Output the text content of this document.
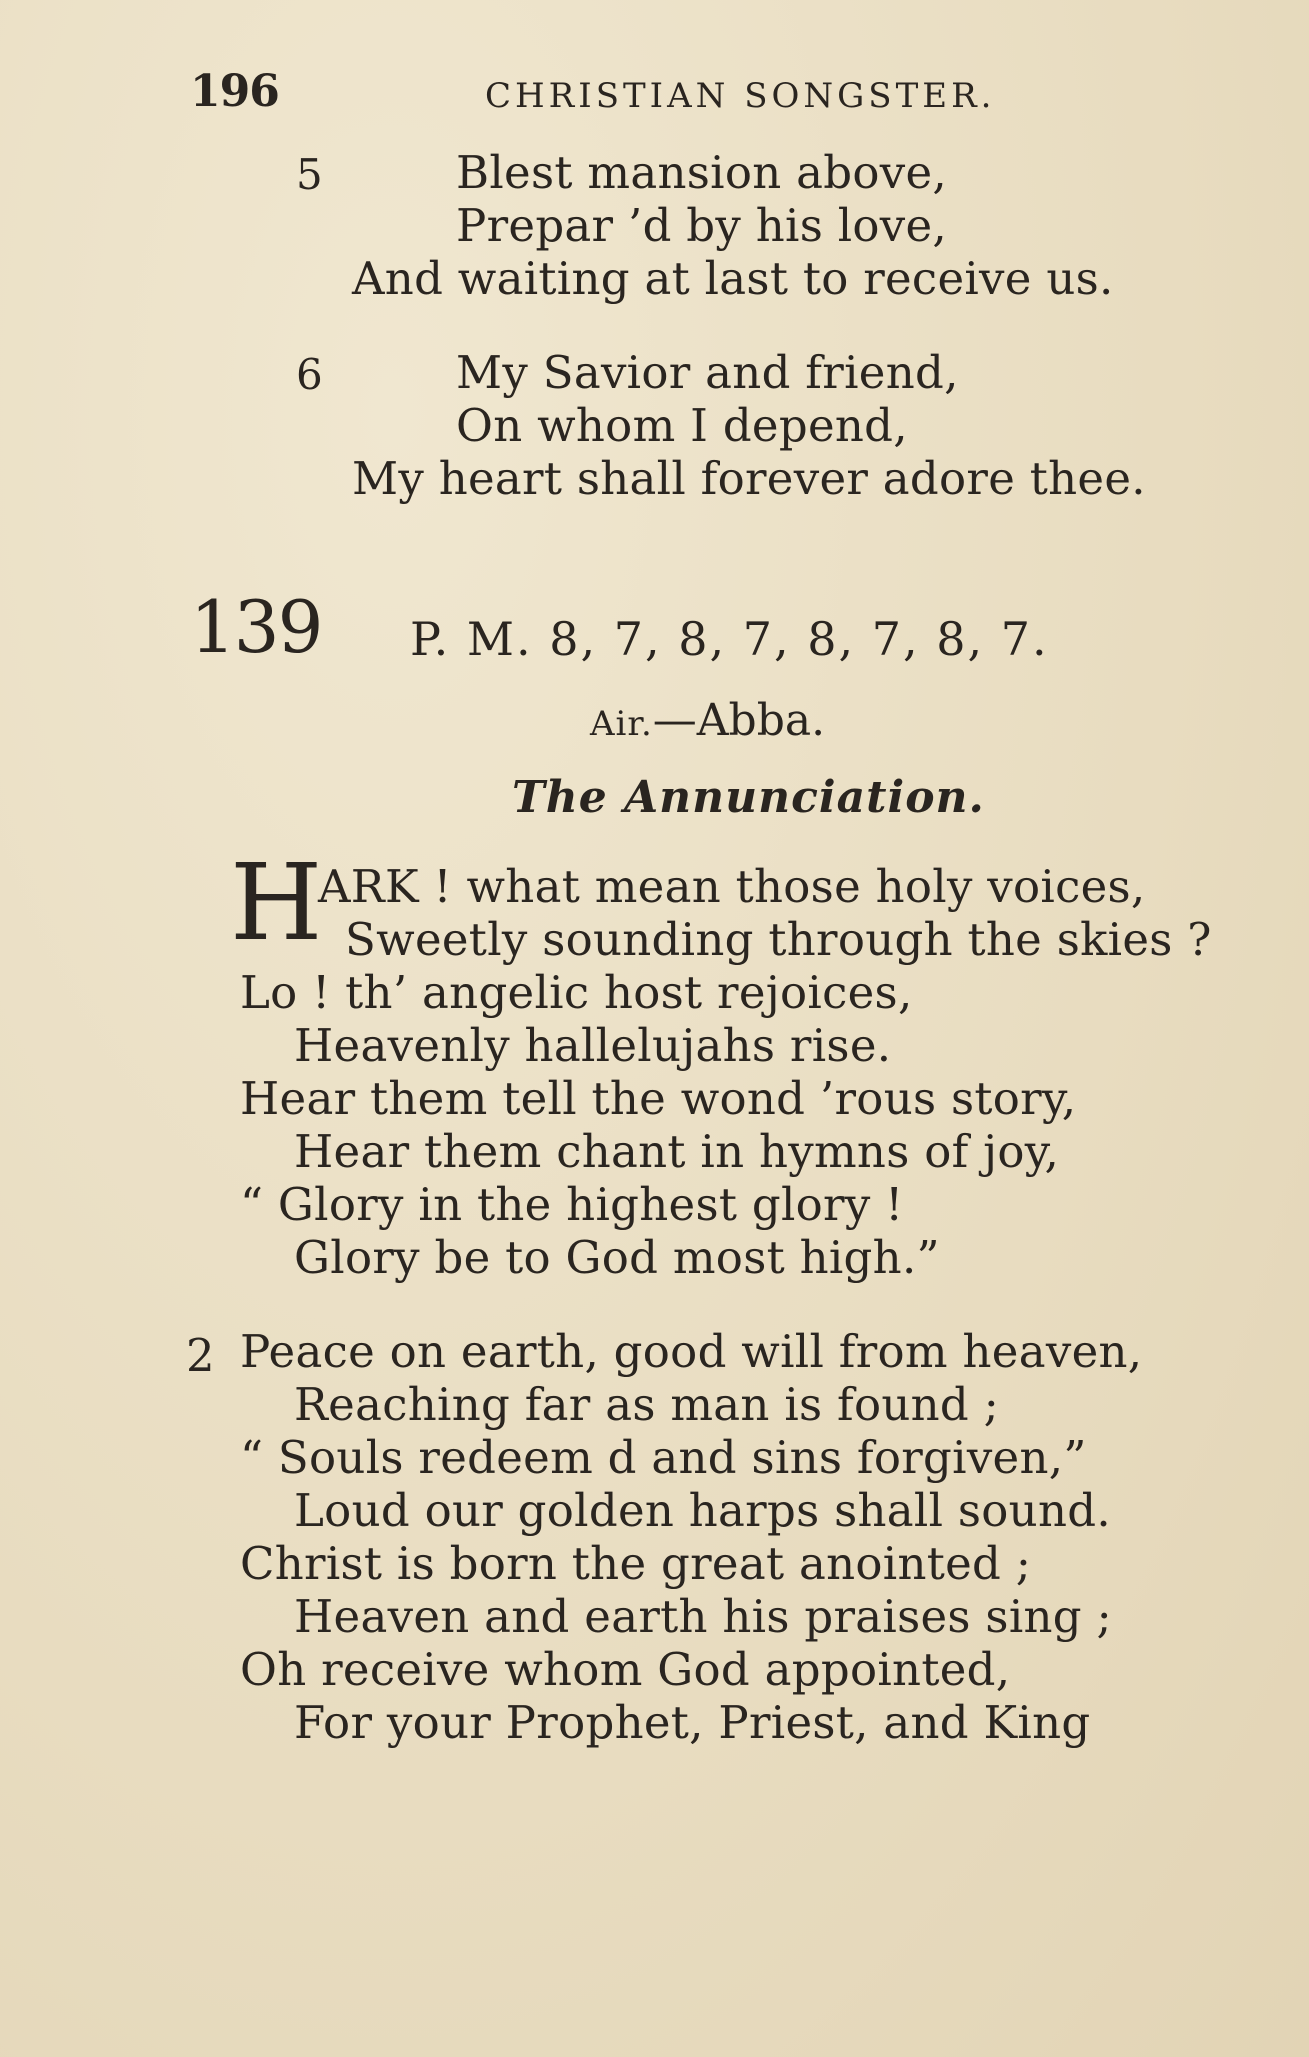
196	CHRISTIAN SONGSTER.
5	Blest mansion above,
Prepar ’d by his love,
And waiting at last to receive us.
6	My Savior and friend,
On whom I depend,
My heart shall forever adore thee.
139 P. M. 8, 7, 8, 7, 8, 7, 8, 7.
Air.—Abba.
The Annunciation.
H
ARK ! what mean those holy voices,
Sweetly sounding through the skies ?
Lo ! th’ angelic host rejoices,
Heavenly hallelujahs rise.
Hear them tell the wond ’rous story,
Hear them chant in hymns of joy,
“ Glory in the highest glory !
Glory be to God most high.”
2 Peace on earth, good will from heaven,
Reaching far as man is found ;
“ Souls redeem d and sins forgiven,”
Loud our golden harps shall sound.
Christ is born the great anointed ;
Heaven and earth his praises sing ;
Oh receive whom God appointed,
For your Prophet, Priest, and King
